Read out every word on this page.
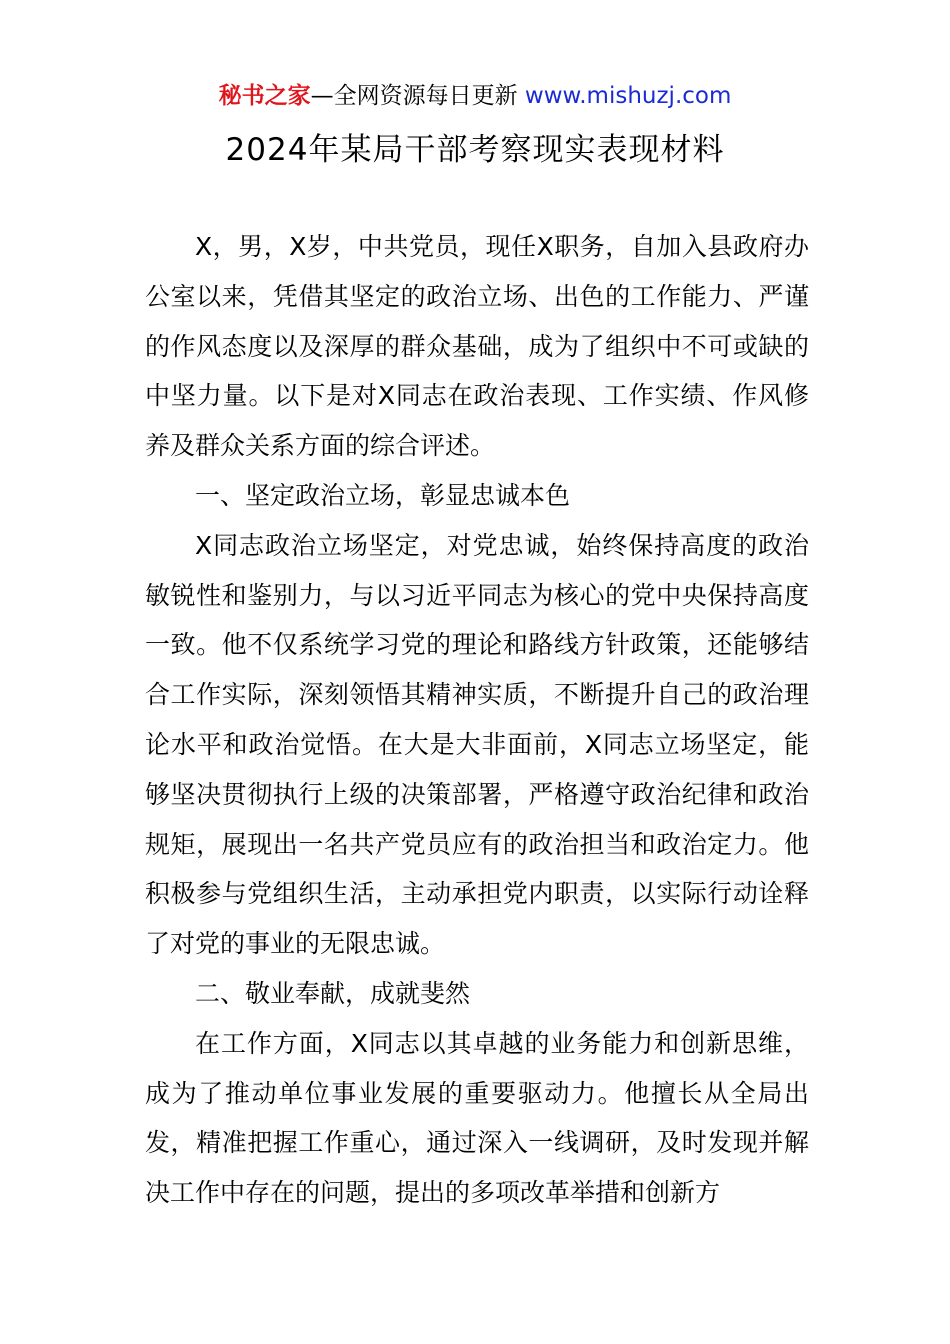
秘书之家—全网资源每日更新 www.mishuzj.com
2024年某局干部考察现实表现材料

X，男，X岁，中共党员，现任X职务，自加入县政府办公室以来，凭借其坚定的政治立场、出色的工作能力、严谨的作风态度以及深厚的群众基础，成为了组织中不可或缺的中坚力量。以下是对X同志在政治表现、工作实绩、作风修养及群众关系方面的综合评述。

一、坚定政治立场，彰显忠诚本色

X同志政治立场坚定，对党忠诚，始终保持高度的政治敏锐性和鉴别力，与以习近平同志为核心的党中央保持高度一致。他不仅系统学习党的理论和路线方针政策，还能够结合工作实际，深刻领悟其精神实质，不断提升自己的政治理论水平和政治觉悟。在大是大非面前，X同志立场坚定，能够坚决贯彻执行上级的决策部署，严格遵守政治纪律和政治规矩，展现出一名共产党员应有的政治担当和政治定力。他积极参与党组织生活，主动承担党内职责，以实际行动诠释了对党的事业的无限忠诚。

二、敬业奉献，成就斐然

在工作方面，X同志以其卓越的业务能力和创新思维，成为了推动单位事业发展的重要驱动力。他擅长从全局出发，精准把握工作重心，通过深入一线调研，及时发现并解决工作中存在的问题，提出的多项改革举措和创新方
